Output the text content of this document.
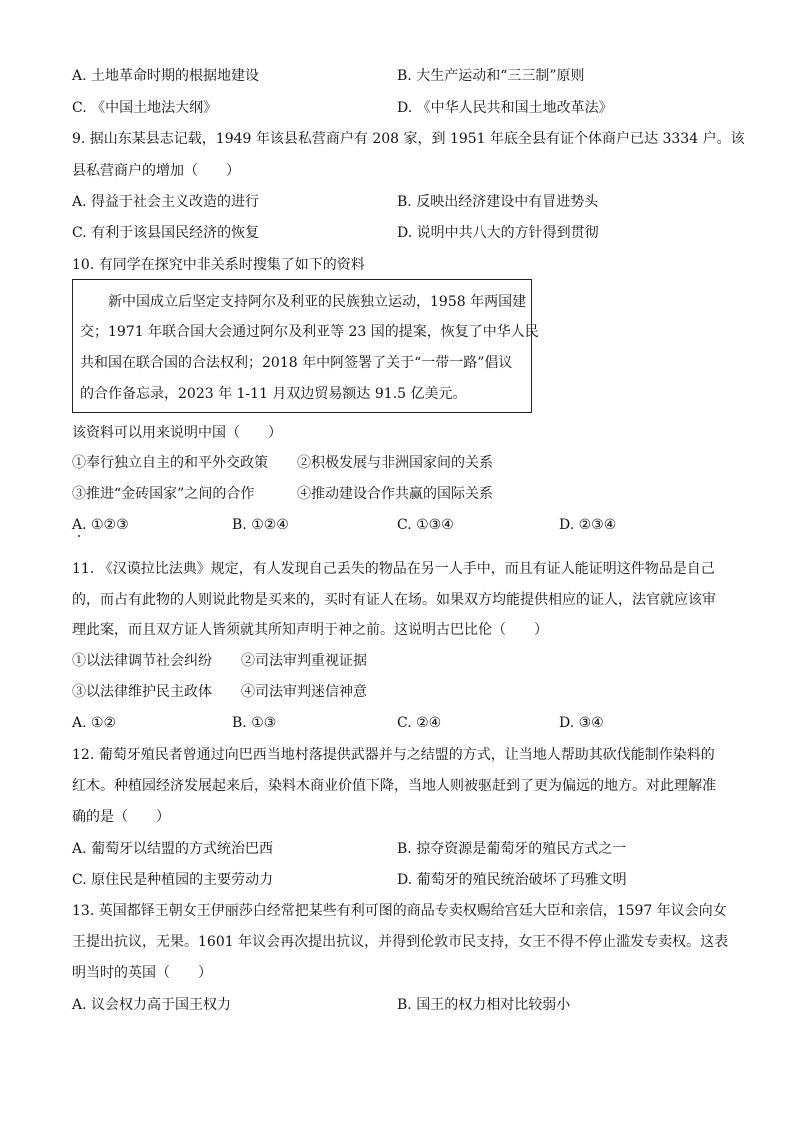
A. 土地革命时期的根据地建设	B. 大生产运动和“三三制”原则
C. 《中国土地法大纲》	D. 《中华人民共和国土地改革法》
9. 据山东某县志记载，1949 年该县私营商户有 208 家，到 1951 年底全县有证个体商户已达 3334 户。该
县私营商户的增加（　　）
A. 得益于社会主义改造的进行	B. 反映出经济建设中有冒进势头
C. 有利于该县国民经济的恢复	D. 说明中共八大的方针得到贯彻
10. 有同学在探究中非关系时搜集了如下的资料
　　新中国成立后坚定支持阿尔及利亚的民族独立运动，1958 年两国建
交；1971 年联合国大会通过阿尔及利亚等 23 国的提案，恢复了中华人民
共和国在联合国的合法权利；2018 年中阿签署了关于“一带一路”倡议
的合作备忘录，2023 年 1-11 月双边贸易额达 91.5 亿美元。
该资料可以用来说明中国（　　）
①奉行独立自主的和平外交政策 ②积极发展与非洲国家间的关系
③推进“金砖国家”之间的合作	④推动建设合作共赢的国际关系
A. ①②③	B. ①②④	C. ①③④	D. ②③④
11. 《汉谟拉比法典》规定，有人发现自己丢失的物品在另一人手中，而且有证人能证明这件物品是自己
的，而占有此物的人则说此物是买来的，买时有证人在场。如果双方均能提供相应的证人，法官就应该审
理此案，而且双方证人皆须就其所知声明于神之前。这说明古巴比伦（　　）
①以法律调节社会纠纷 ②司法审判重视证据
③以法律维护民主政体 ④司法审判迷信神意
A. ①②	B. ①③	C. ②④	D. ③④
12. 葡萄牙殖民者曾通过向巴西当地村落提供武器并与之结盟的方式，让当地人帮助其砍伐能制作染料的
红木。种植园经济发展起来后，染料木商业价值下降，当地人则被驱赶到了更为偏远的地方。对此理解准
确的是（　　）
A. 葡萄牙以结盟的方式统治巴西	B. 掠夺资源是葡萄牙的殖民方式之一
C. 原住民是种植园的主要劳动力	D. 葡萄牙的殖民统治破坏了玛雅文明
13. 英国都铎王朝女王伊丽莎白经常把某些有利可图的商品专卖权赐给宫廷大臣和亲信，1597 年议会向女
王提出抗议，无果。1601 年议会再次提出抗议，并得到伦敦市民支持，女王不得不停止滥发专卖权。这表
明当时的英国（　　）
A. 议会权力高于国王权力	B. 国王的权力相对比较弱小
